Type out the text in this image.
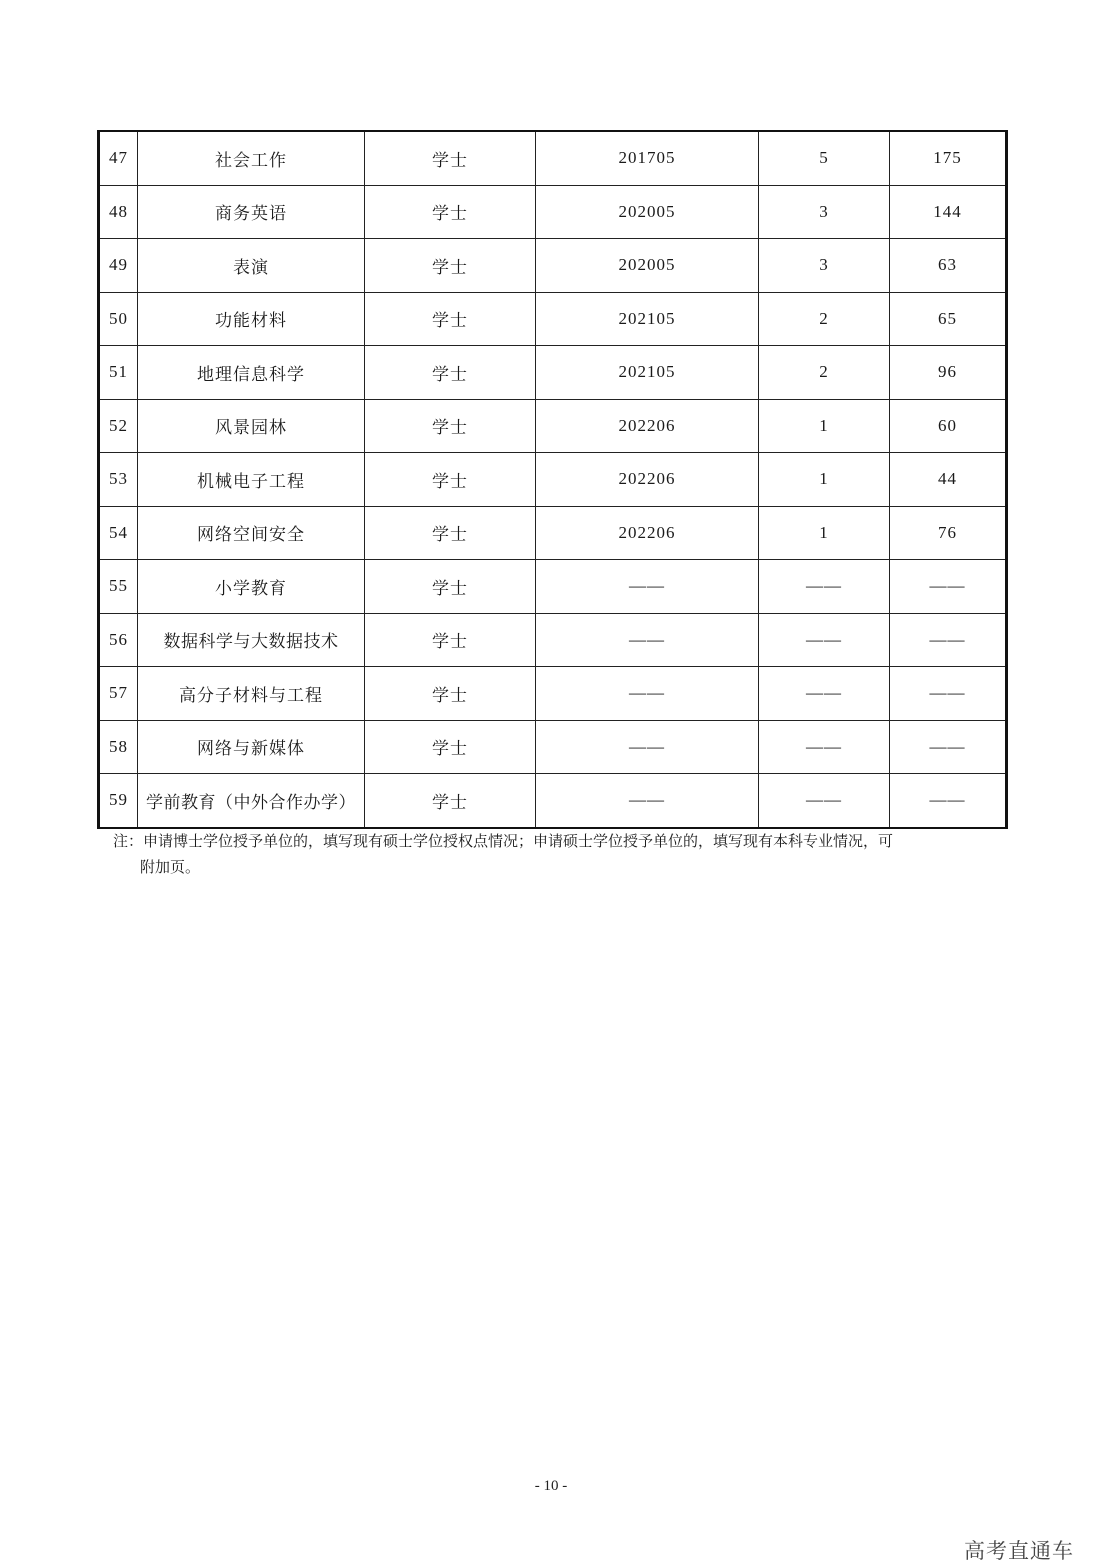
47	社会工作	学士	201705	5	175
48	商务英语	学士	202005	3	144
49	表演	学士	202005	3	63
50	功能材料	学士	202105	2	65
51	地理信息科学	学士	202105	2	96
52	风景园林	学士	202206	1	60
53	机械电子工程	学士	202206	1	44
54	网络空间安全	学士	202206	1	76
55	小学教育	学士	——	——	——
56	数据科学与大数据技术	学士	——	——	——
57	高分子材料与工程	学士	——	——	——
58	网络与新媒体	学士	——	——	——
59	学前教育（中外合作办学）	学士	——	——	——
注：申请博士学位授予单位的，填写现有硕士学位授权点情况；申请硕士学位授予单位的，填写现有本科专业情况，可
附加页。
- 10 -
高考直通车
